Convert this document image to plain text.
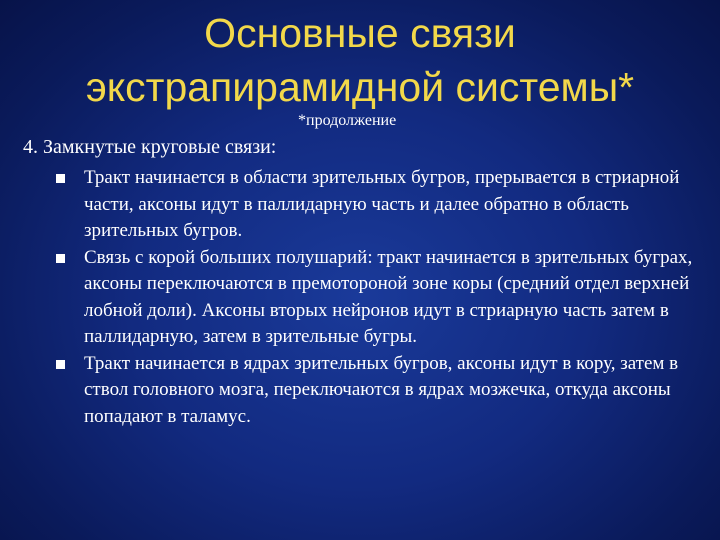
Основные связи
экстрапирамидной системы*
*продолжение
4. Замкнутые круговые связи:
Тракт начинается в области зрительных бугров, прерывается в стриарной части, аксоны идут в паллидарную часть и далее обратно в область зрительных бугров.
Связь с корой больших полушарий: тракт начинается в зрительных буграх, аксоны переключаются в премотороной зоне коры (средний отдел верхней лобной доли). Аксоны вторых нейронов идут в стриарную часть затем в паллидарную, затем в зрительные бугры.
Тракт начинается в ядрах зрительных бугров, аксоны идут в кору, затем в ствол головного мозга, переключаются в ядрах мозжечка, откуда аксоны попадают в таламус.
